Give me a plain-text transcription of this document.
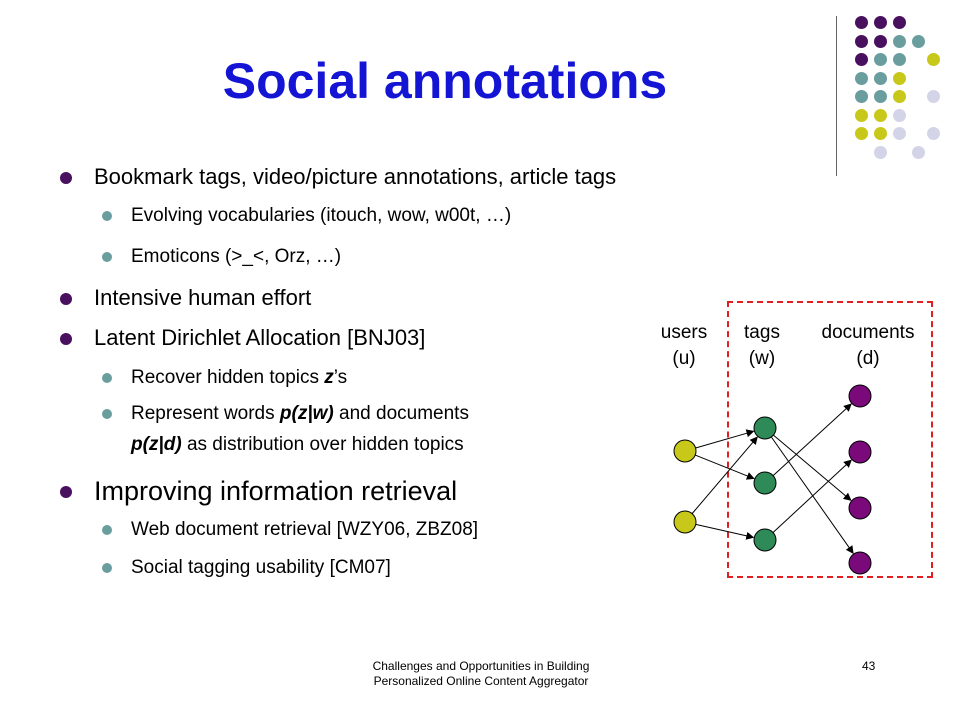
Social annotations
Bookmark tags, video/picture annotations, article tags
Evolving vocabularies (itouch, wow, w00t, …)
Emoticons (>_<, Orz, …)
Intensive human effort
Latent Dirichlet Allocation [BNJ03]
Recover hidden topics z’s
Represent words p(z|w) and documents
p(z|d) as distribution over hidden topics
Improving information retrieval
Web document retrieval [WZY06, ZBZ08]
Social tagging usability [CM07]
users
(u)
tags
(w)
documents
(d)
Challenges and Opportunities in Building
Personalized Online Content Aggregator
43
